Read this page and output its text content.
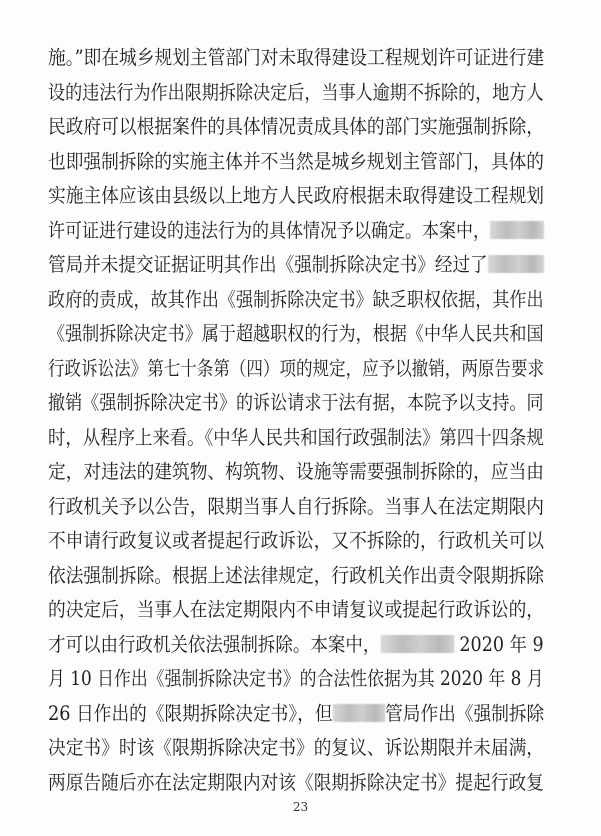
施。”即在城乡规划主管部门对未取得建设工程规划许可证进行建
设的违法行为作出限期拆除决定后，当事人逾期不拆除的，地方人
民政府可以根据案件的具体情况责成具体的部门实施强制拆除，
也即强制拆除的实施主体并不当然是城乡规划主管部门，具体的
实施主体应该由县级以上地方人民政府根据未取得建设工程规划
许可证进行建设的违法行为的具体情况予以确定。本案中，
管局并未提交证据证明其作出《强制拆除决定书》经过了
政府的责成，故其作出《强制拆除决定书》缺乏职权依据，其作出
《强制拆除决定书》属于超越职权的行为，根据《中华人民共和国
行政诉讼法》第七十条第（四）项的规定，应予以撤销，两原告要求
撤销《强制拆除决定书》的诉讼请求于法有据，本院予以支持。同
时，从程序上来看。《中华人民共和国行政强制法》第四十四条规
定，对违法的建筑物、构筑物、设施等需要强制拆除的，应当由
行政机关予以公告，限期当事人自行拆除。当事人在法定期限内
不申请行政复议或者提起行政诉讼，又不拆除的，行政机关可以
依法强制拆除。根据上述法律规定，行政机关作出责令限期拆除
的决定后，当事人在法定期限内不申请复议或提起行政诉讼的，
才可以由行政机关依法强制拆除。本案中，	2020 年 9
月 10 日作出《强制拆除决定书》的合法性依据为其 2020 年 8 月
26 日作出的《限期拆除决定书》，但	管局作出《强制拆除
决定书》时该《限期拆除决定书》的复议、诉讼期限并未届满，
两原告随后亦在法定期限内对该《限期拆除决定书》提起行政复
23
